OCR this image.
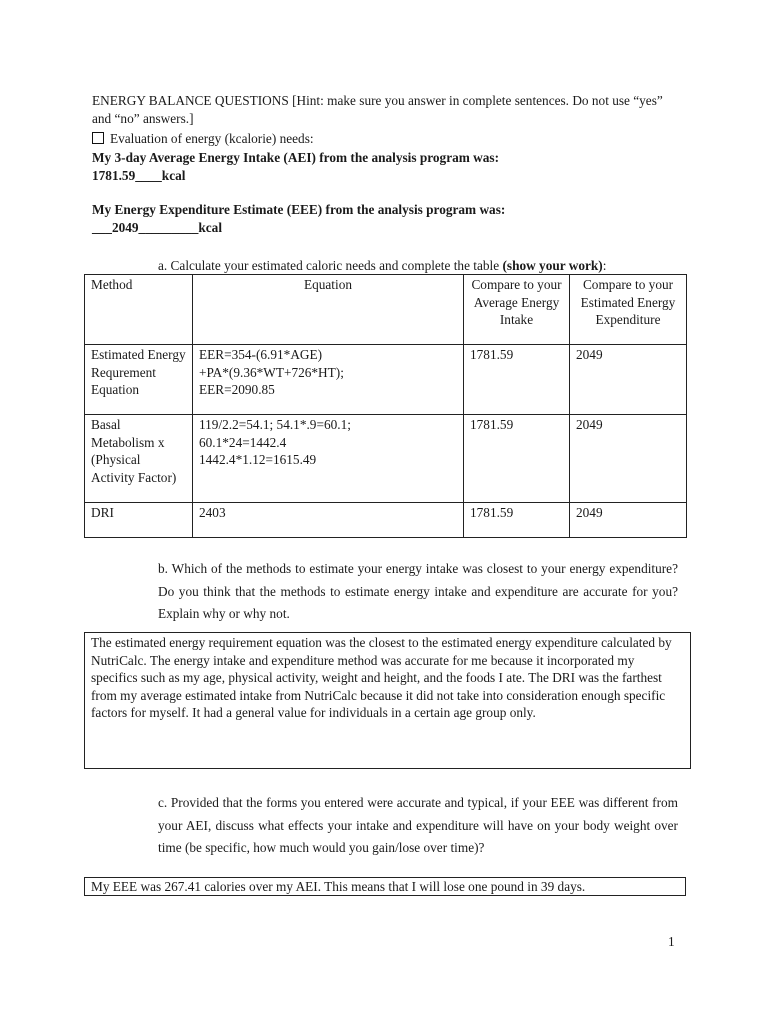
ENERGY BALANCE QUESTIONS [Hint: make sure you answer in complete sentences. Do not use “yes” and “no” answers.]
Evaluation of energy (kcalorie) needs:
My 3-day Average Energy Intake (AEI) from the analysis program was:
1781.59____kcal
My Energy Expenditure Estimate (EEE) from the analysis program was:
___2049_________kcal
a. Calculate your estimated caloric needs and complete the table (show your work):
Method	Equation	Compare to your Average Energy Intake	Compare to your Estimated Energy Expenditure
Estimated Energy Requrement Equation	EER=354-(6.91*AGE)
+PA*(9.36*WT+726*HT);
EER=2090.85	1781.59	2049
Basal Metabolism x (Physical Activity Factor)	119/2.2=54.1; 54.1*.9=60.1;
60.1*24=1442.4
1442.4*1.12=1615.49	1781.59	2049
DRI	2403	1781.59	2049
b. Which of the methods to estimate your energy intake was closest to your energy expenditure? Do you think that the methods to estimate energy intake and expenditure are accurate for you? Explain why or why not.
The estimated energy requirement equation was the closest to the estimated energy expenditure calculated by NutriCalc. The energy intake and expenditure method was accurate for me because it incorporated my specifics such as my age, physical activity, weight and height, and the foods I ate. The DRI was the farthest from my average estimated intake from NutriCalc because it did not take into consideration enough specific factors for myself. It had a general value for individuals in a certain age group only.
c. Provided that the forms you entered were accurate and typical, if your EEE was different from your AEI, discuss what effects your intake and expenditure will have on your body weight over time (be specific, how much would you gain/lose over time)?
My EEE was 267.41 calories over my AEI. This means that I will lose one pound in 39 days.
1
